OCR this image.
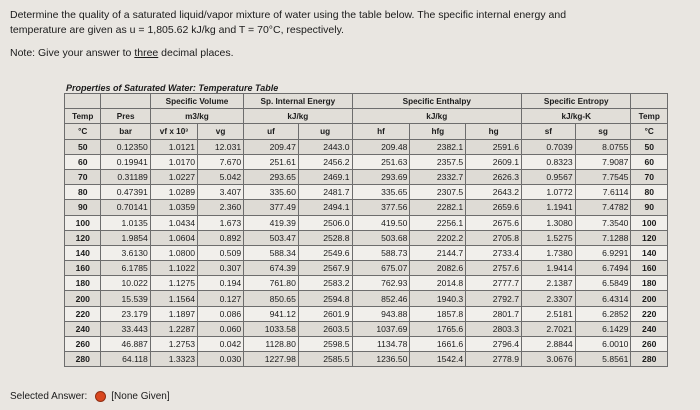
Determine the quality of a saturated liquid/vapor mixture of water using the table below. The specific internal energy and
temperature are given as u = 1,805.62 kJ/kg and T = 70°C, respectively.
Note: Give your answer to three decimal places.
Properties of Saturated Water: Temperature Table
		Specific Volume		Sp. Internal Energy		Specific Enthalpy			Specific Entropy		
Temp	Pres	m3/kg		kJ/kg		kJ/kg			kJ/kg-K		Temp
°C	bar	vf x 10³	vg	uf	ug	hf	hfg	hg	sf	sg	°C
50	0.12350	1.0121	12.031	209.47	2443.0	209.48	2382.1	2591.6	0.7039	8.0755	50
60	0.19941	1.0170	7.670	251.61	2456.2	251.63	2357.5	2609.1	0.8323	7.9087	60
70	0.31189	1.0227	5.042	293.65	2469.1	293.69	2332.7	2626.3	0.9567	7.7545	70
80	0.47391	1.0289	3.407	335.60	2481.7	335.65	2307.5	2643.2	1.0772	7.6114	80
90	0.70141	1.0359	2.360	377.49	2494.1	377.56	2282.1	2659.6	1.1941	7.4782	90
100	1.0135	1.0434	1.673	419.39	2506.0	419.50	2256.1	2675.6	1.3080	7.3540	100
120	1.9854	1.0604	0.892	503.47	2528.8	503.68	2202.2	2705.8	1.5275	7.1288	120
140	3.6130	1.0800	0.509	588.34	2549.6	588.73	2144.7	2733.4	1.7380	6.9291	140
160	6.1785	1.1022	0.307	674.39	2567.9	675.07	2082.6	2757.6	1.9414	6.7494	160
180	10.022	1.1275	0.194	761.80	2583.2	762.93	2014.8	2777.7	2.1387	6.5849	180
200	15.539	1.1564	0.127	850.65	2594.8	852.46	1940.3	2792.7	2.3307	6.4314	200
220	23.179	1.1897	0.086	941.12	2601.9	943.88	1857.8	2801.7	2.5181	6.2852	220
240	33.443	1.2287	0.060	1033.58	2603.5	1037.69	1765.6	2803.3	2.7021	6.1429	240
260	46.887	1.2753	0.042	1128.80	2598.5	1134.78	1661.6	2796.4	2.8844	6.0010	260
280	64.118	1.3323	0.030	1227.98	2585.5	1236.50	1542.4	2778.9	3.0676	5.8561	280
Selected Answer: [None Given]
